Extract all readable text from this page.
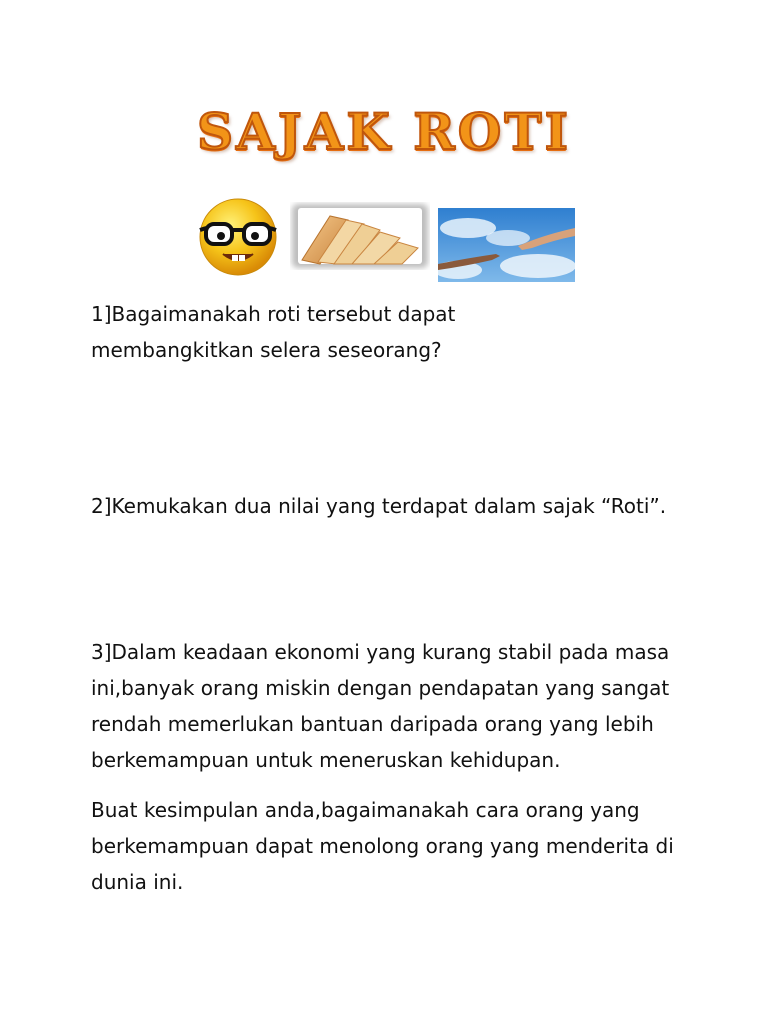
SAJAK ROTI
1]Bagaimanakah roti tersebut dapat membangkitkan selera seseorang?
2]Kemukakan dua nilai yang terdapat dalam sajak “Roti”.
3]Dalam keadaan ekonomi yang kurang stabil pada masa ini,banyak orang miskin dengan pendapatan yang sangat rendah memerlukan bantuan daripada orang yang lebih berkemampuan untuk meneruskan kehidupan.
Buat kesimpulan anda,bagaimanakah cara orang yang berkemampuan dapat menolong orang yang menderita di dunia ini.
